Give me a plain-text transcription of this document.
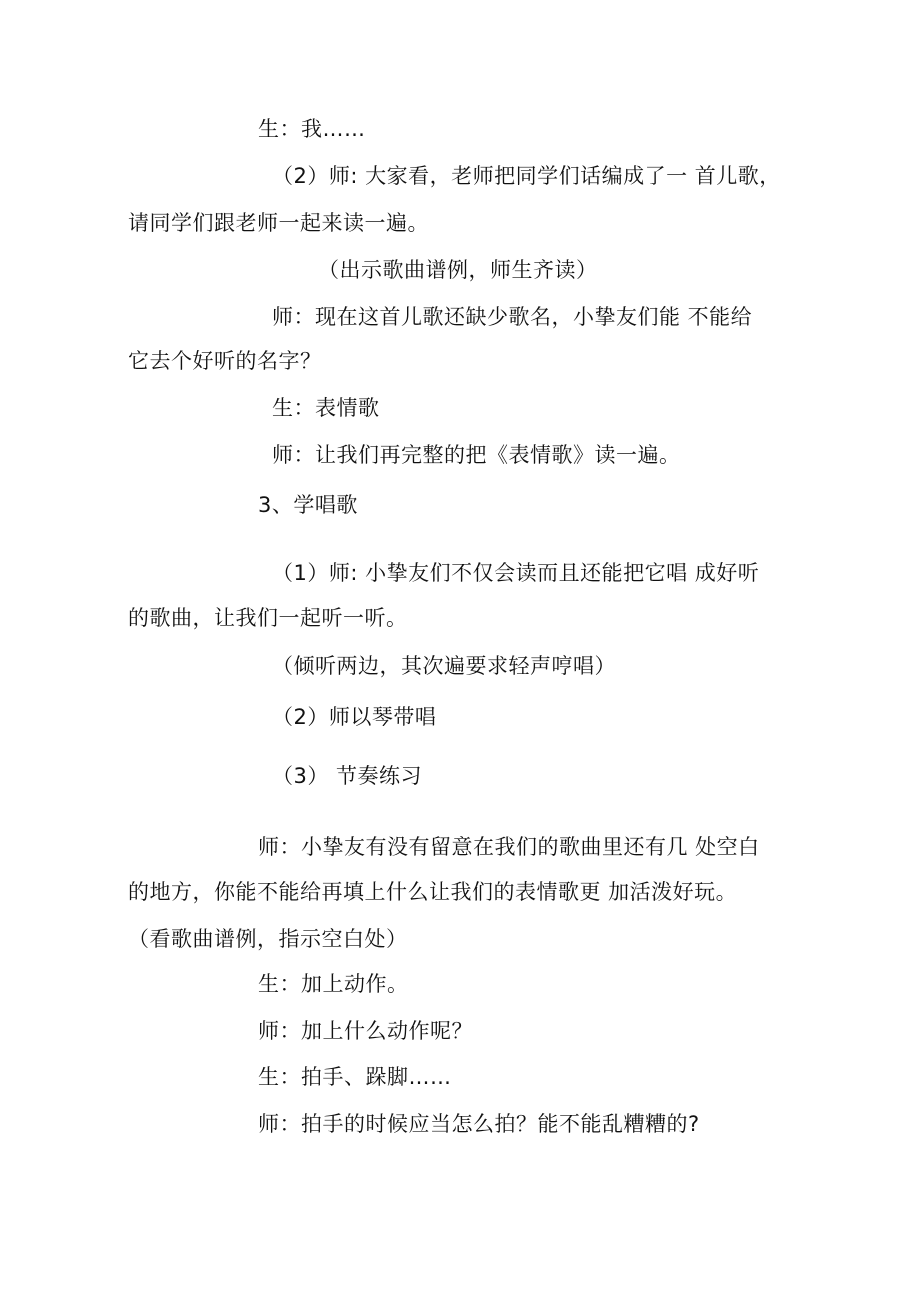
生：我……
（2）师: 大家看，老师把同学们话编成了一 首儿歌，
请同学们跟老师一起来读一遍。
（出示歌曲谱例，师生齐读）
师：现在这首儿歌还缺少歌名，小挚友们能 不能给
它去个好听的名字？
生：表情歌
师：让我们再完整的把《表情歌》读一遍。
3、学唱歌
（1）师: 小挚友们不仅会读而且还能把它唱 成好听
的歌曲，让我们一起听一听。
（倾听两边，其次遍要求轻声哼唱）
（2）师以琴带唱
（3） 节奏练习
师：小挚友有没有留意在我们的歌曲里还有几 处空白
的地方，你能不能给再填上什么让我们的表情歌更 加活泼好玩。
（看歌曲谱例，指示空白处）
生：加上动作。
师：加上什么动作呢？
生：拍手、跺脚……
师：拍手的时候应当怎么拍？能不能乱糟糟的?
